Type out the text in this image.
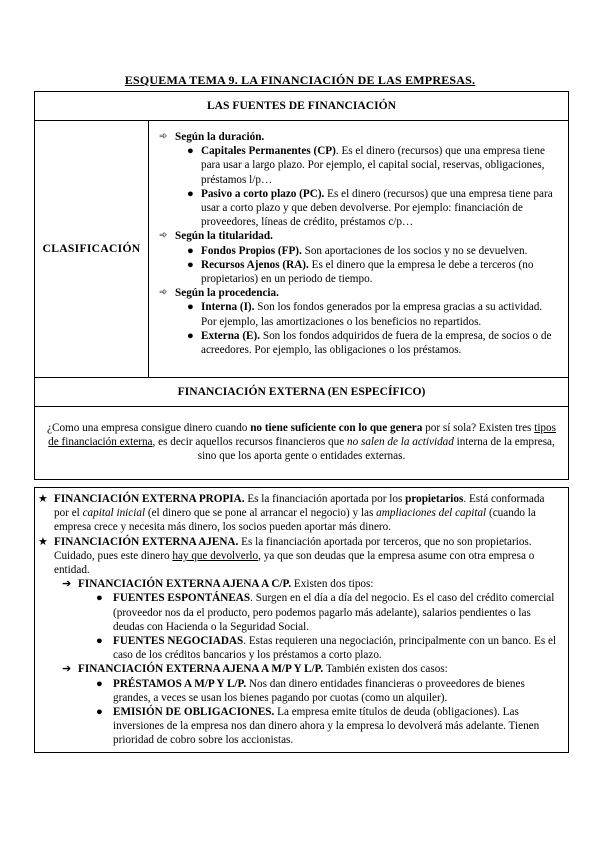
ESQUEMA TEMA 9. LA FINANCIACIÓN DE LAS EMPRESAS.
LAS FUENTES DE FINANCIACIÓN
CLASIFICACIÓN
➾ Según la duración.
● Capitales Permanentes (CP). Es el dinero (recursos) que una empresa tiene para usar a largo plazo. Por ejemplo, el capital social, reservas, obligaciones, préstamos l/p…
● Pasivo a corto plazo (PC). Es el dinero (recursos) que una empresa tiene para usar a corto plazo y que deben devolverse. Por ejemplo: financiación de proveedores, líneas de crédito, préstamos c/p…
➾ Según la titularidad.
● Fondos Propios (FP). Son aportaciones de los socios y no se devuelven.
● Recursos Ajenos (RA). Es el dinero que la empresa le debe a terceros (no propietarios) en un periodo de tiempo.
➾ Según la procedencia.
● Interna (I). Son los fondos generados por la empresa gracias a su actividad. Por ejemplo, las amortizaciones o los beneficios no repartidos.
● Externa (E). Son los fondos adquiridos de fuera de la empresa, de socios o de acreedores. Por ejemplo, las obligaciones o los préstamos.
FINANCIACIÓN EXTERNA (EN ESPECÍFICO)
¿Como una empresa consigue dinero cuando no tiene suficiente con lo que genera por sí sola? Existen tres tipos de financiación externa, es decir aquellos recursos financieros que no salen de la actividad interna de la empresa, sino que los aporta gente o entidades externas.
★ FINANCIACIÓN EXTERNA PROPIA. Es la financiación aportada por los propietarios. Está conformada por el capital inicial (el dinero que se pone al arrancar el negocio) y las ampliaciones del capital (cuando la empresa crece y necesita más dinero, los socios pueden aportar más dinero.
★ FINANCIACIÓN EXTERNA AJENA. Es la financiación aportada por terceros, que no son propietarios. Cuidado, pues este dinero hay que devolverlo, ya que son deudas que la empresa asume con otra empresa o entidad.
➔ FINANCIACIÓN EXTERNA AJENA A C/P. Existen dos tipos:
● FUENTES ESPONTÁNEAS. Surgen en el día a día del negocio. Es el caso del crédito comercial (proveedor nos da el producto, pero podemos pagarlo más adelante), salarios pendientes o las deudas con Hacienda o la Seguridad Social.
● FUENTES NEGOCIADAS. Estas requieren una negociación, principalmente con un banco. Es el caso de los créditos bancarios y los préstamos a corto plazo.
➔ FINANCIACIÓN EXTERNA AJENA A M/P Y L/P. También existen dos casos:
● PRÉSTAMOS A M/P Y L/P. Nos dan dinero entidades financieras o proveedores de bienes grandes, a veces se usan los bienes pagando por cuotas (como un alquiler).
● EMISIÓN DE OBLIGACIONES. La empresa emite títulos de deuda (obligaciones). Las inversiones de la empresa nos dan dinero ahora y la empresa lo devolverá más adelante. Tienen prioridad de cobro sobre los accionistas.
